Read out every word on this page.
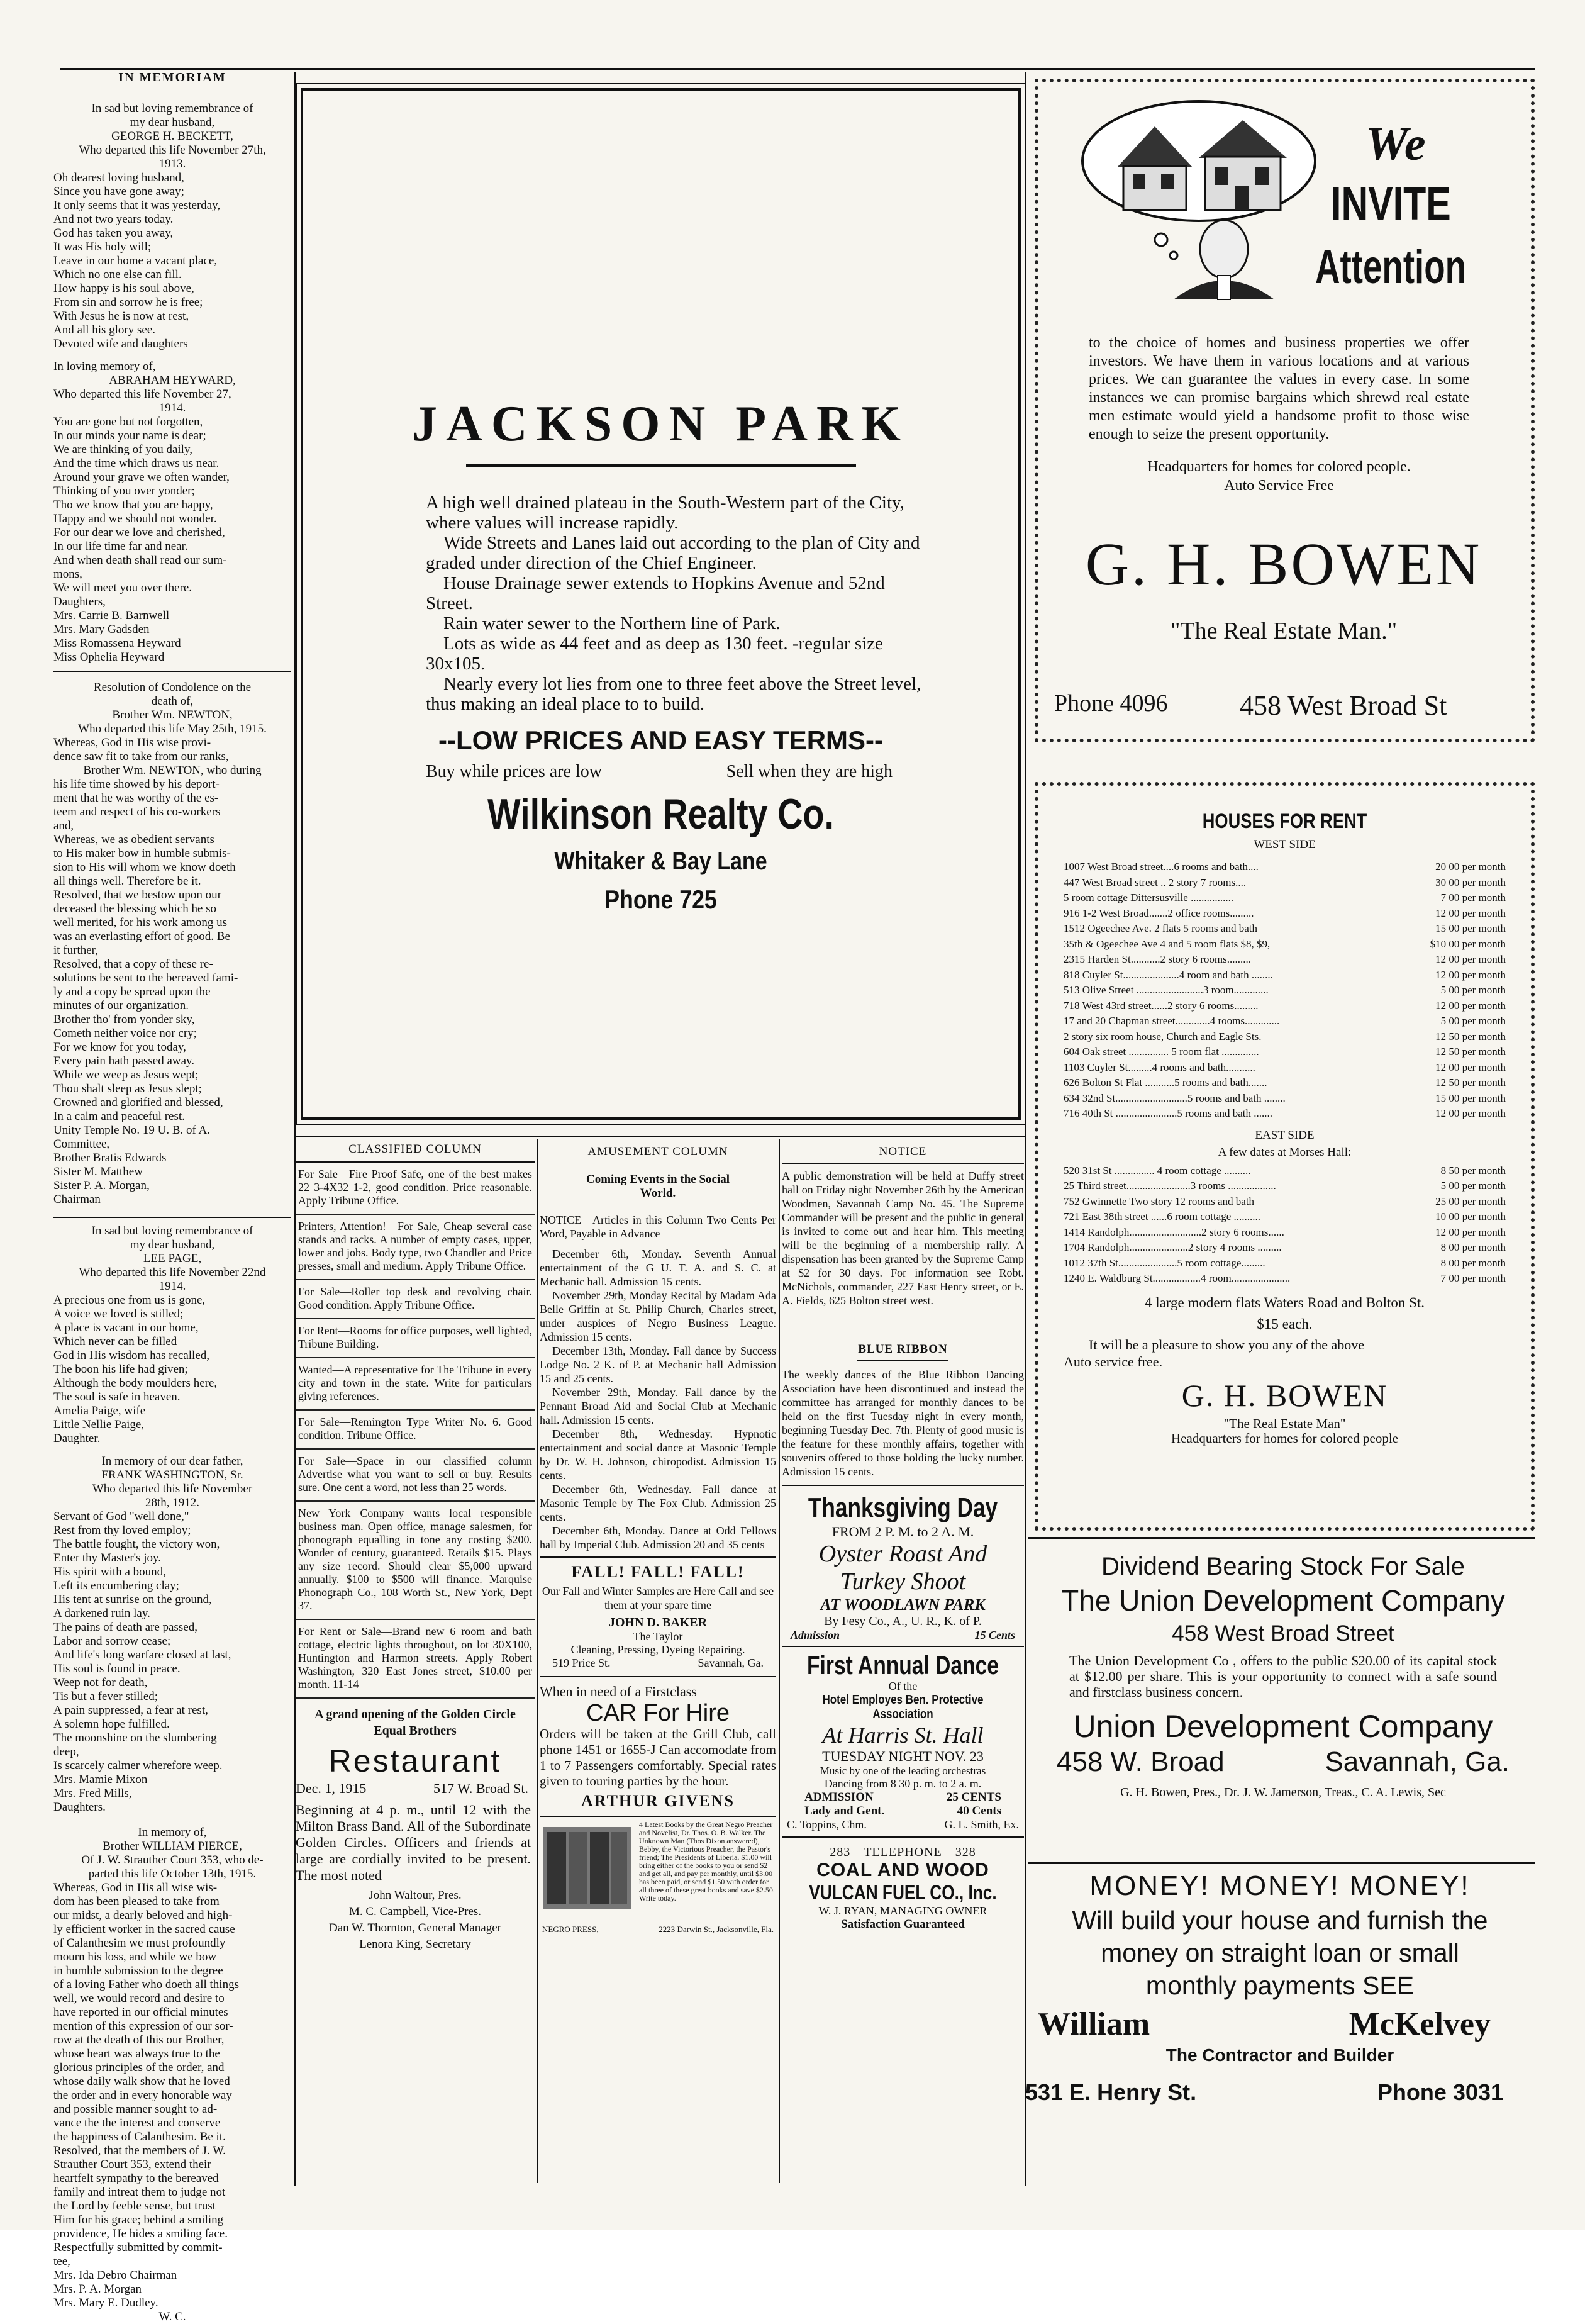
IN MEMORIAM

In sad but loving remembrance of

my dear husband,

GEORGE H. BECKETT,

Who departed this life November 27th,

1913.

Oh dearest loving husband,

Since you have gone away;

It only seems that it was yesterday,

And not two years today.

God has taken you away,

It was His holy will;

Leave in our home a vacant place,

Which no one else can fill.

How happy is his soul above,

From sin and sorrow he is free;

With Jesus he is now at rest,

And all his glory see.

Devoted wife and daughters

In loving memory of,

ABRAHAM HEYWARD,

Who departed this life November 27,

1914.

You are gone but not forgotten,

In our minds your name is dear;

We are thinking of you daily,

And the time which draws us near.

Around your grave we often wander,

Thinking of you over yonder;

Tho we know that you are happy,

Happy and we should not wonder.

For our dear we love and cherished,

In our life time far and near.

And when death shall read our sum-

mons,

We will meet you over there.

Daughters,

Mrs. Carrie B. Barnwell

Mrs. Mary Gadsden

Miss Romassena Heyward

Miss Ophelia Heyward

Resolution of Condolence on the

death of,

Brother Wm. NEWTON,

Who departed this life May 25th, 1915.

Whereas, God in His wise provi-

dence saw fit to take from our ranks,

Brother Wm. NEWTON, who during

his life time showed by his deport-

ment that he was worthy of the es-

teem and respect of his co-workers

and,

Whereas, we as obedient servants

to His maker bow in humble submis-

sion to His will whom we know doeth

all things well. Therefore be it.

Resolved, that we bestow upon our

deceased the blessing which he so

well merited, for his work among us

was an everlasting effort of good. Be

it further,

Resolved, that a copy of these re-

solutions be sent to the bereaved fami-

ly and a copy be spread upon the

minutes of our organization.

Brother tho' from yonder sky,

Cometh neither voice nor cry;

For we know for you today,

Every pain hath passed away.

While we weep as Jesus wept;

Thou shalt sleep as Jesus slept;

Crowned and glorified and blessed,

In a calm and peaceful rest.

Unity Temple No. 19 U. B. of A.

Committee,

Brother Bratis Edwards

Sister M. Matthew

Sister P. A. Morgan,

Chairman

In sad but loving remembrance of

my dear husband,

LEE PAGE,

Who departed this life November 22nd

1914.

A precious one from us is gone,

A voice we loved is stilled;

A place is vacant in our home,

Which never can be filled

God in His wisdom has recalled,

The boon his life had given;

Although the body moulders here,

The soul is safe in heaven.

Amelia Paige, wife

Little Nellie Paige,

Daughter.

In memory of our dear father,

FRANK WASHINGTON, Sr.

Who departed this life November

28th, 1912.

Servant of God "well done,"

Rest from thy loved employ;

The battle fought, the victory won,

Enter thy Master's joy.

His spirit with a bound,

Left its encumbering clay;

His tent at sunrise on the ground,

A darkened ruin lay.

The pains of death are passed,

Labor and sorrow cease;

And life's long warfare closed at last,

His soul is found in peace.

Weep not for death,

Tis but a fever stilled;

A pain suppressed, a fear at rest,

A solemn hope fulfilled.

The moonshine on the slumbering

deep,

Is scarcely calmer wherefore weep.

Mrs. Mamie Mixon

Mrs. Fred Mills,

Daughters.

In memory of,

Brother WILLIAM PIERCE,

Of J. W. Strauther Court 353, who de-

parted this life October 13th, 1915.

Whereas, God in His all wise wis-

dom has been pleased to take from

our midst, a dearly beloved and high-

ly efficient worker in the sacred cause

of Calanthesim we must profoundly

mourn his loss, and while we bow

in humble submission to the degree

of a loving Father who doeth all things

well, we would record and desire to

have reported in our official minutes

mention of this expression of our sor-

row at the death of this our Brother,

whose heart was always true to the

glorious principles of the order, and

whose daily walk show that he loved

the order and in every honorable way

and possible manner sought to ad-

vance the the interest and conserve

the happiness of Calanthesim. Be it.

Resolved, that the members of J. W.

Strauther Court 353, extend their

heartfelt sympathy to the bereaved

family and intreat them to judge not

the Lord by feeble sense, but trust

Him for his grace; behind a smiling

providence, He hides a smiling face.

Respectfully submitted by commit-

tee,

Mrs. Ida Debro Chairman

Mrs. P. A. Morgan

Mrs. Mary E. Dudley.

W. C.

JACKSON PARK

A high well drained plateau in the South-Western part of the City, where values will increase rapidly.

Wide Streets and Lanes laid out according to the plan of City and graded under direction of the Chief Engineer.

House Drainage sewer extends to Hopkins Avenue and 52nd Street.

Rain water sewer to the Northern line of Park.

Lots as wide as 44 feet and as deep as 130 feet. -regular size 30x105.

Nearly every lot lies from one to three feet above the Street level, thus making an ideal place to to build.

--LOW PRICES AND EASY TERMS--
Buy while prices are low	Sell when they are high
Wilkinson Realty Co.
Whitaker & Bay Lane
Phone 725
We
INVITE
Attention
to the choice of homes and business properties we offer investors. We have them in various locations and at various prices. We can guarantee the values in every case. In some instances we can promise bargains which shrewd real estate men estimate would yield a handsome profit to those wise enough to seize the present opportunity.
Headquarters for homes for colored people.
Auto Service Free
G. H. BOWEN
"The Real Estate Man."
Phone 4096	458 West Broad St

HOUSES FOR RENT

WEST SIDE

1007 West Broad street....6 rooms and bath....	20 00 per month
447 West Broad street .. 2 story 7 rooms....	30 00 per month
5 room cottage Dittersusville ................	7 00 per month
916 1-2 West Broad.......2 office rooms.........	12 00 per month
1512 Ogeechee Ave. 2 flats 5 rooms and bath	15 00 per month
35th & Ogeechee Ave 4 and 5 room flats $8, $9,	$10 00 per month
2315 Harden St...........2 story 6 rooms.........	12 00 per month
818 Cuyler St.....................4 room and bath ........	12 00 per month
513 Olive Street .........................3 room.............	5 00 per month
718 West 43rd street......2 story 6 rooms.........	12 00 per month
17 and 20 Chapman street.............4 rooms.............	5 00 per month
2 story six room house, Church and Eagle Sts.	12 50 per month
604 Oak street ............... 5 room flat ..............	12 50 per month
1103 Cuyler St.........4 rooms and bath...........	12 00 per month
626 Bolton St Flat ...........5 rooms and bath.......	12 50 per month
634 32nd St...........................5 rooms and bath ........	15 00 per month
716 40th St .......................5 rooms and bath .......	12 00 per month

EAST SIDE

A few dates at Morses Hall:

520 31st St ............... 4 room cottage ..........	8 50 per month
25 Third street........................3 rooms ..................	5 00 per month
752 Gwinnette Two story 12 rooms and bath	25 00 per month
721 East 38th street ......6 room cottage ..........	10 00 per month
1414 Randolph...........................2 story 6 rooms......	12 00 per month
1704 Randolph......................2 story 4 rooms .........	8 00 per month
1012 37th St......................5 room cottage.........	8 00 per month
1240 E. Waldburg St..................4 room......................	7 00 per month

4 large modern flats Waters Road and Bolton St.

$15 each.

It will be a pleasure to show you any of the above

Auto service free.

G. H. BOWEN

"The Real Estate Man"

Headquarters for homes for colored people

Dividend Bearing Stock For Sale

The Union Development Company

458 West Broad Street

The Union Development Co , offers to the public $20.00 of its capital stock at $12.00 per share. This is your opportunity to connect with a safe sound and firstclass business concern.

Union Development Company

458 W. Broad	Savannah, Ga.

G. H. Bowen, Pres., Dr. J. W. Jamerson, Treas., C. A. Lewis, Sec

MONEY! MONEY! MONEY!

Will build your house and furnish the

money on straight loan or small

monthly payments SEE

William	McKelvey

The Contractor and Builder

531 E. Henry St.	Phone 3031

CLASSIFIED COLUMN

For Sale—Fire Proof Safe, one of the best makes 22 3-4X32 1-2, good condition. Price reasonable. Apply Tribune Office.

Printers, Attention!—For Sale, Cheap several case stands and racks. A number of empty cases, upper, lower and jobs. Body type, two Chandler and Price presses, small and medium. Apply Tribune Office.

For Sale—Roller top desk and revolving chair. Good condition. Apply Tribune Office.

For Rent—Rooms for office purposes, well lighted, Tribune Building.

Wanted—A representative for The Tribune in every city and town in the state. Write for particulars giving references.

For Sale—Remington Type Writer No. 6. Good condition. Tribune Office.

For Sale—Space in our classified column Advertise what you want to sell or buy. Results sure. One cent a word, not less than 25 words.

New York Company wants local responsible business man. Open office, manage salesmen, for phonograph equalling in tone any costing $200. Wonder of century, guaranteed. Retails $15. Plays any size record. Should clear $5,000 upward annually. $100 to $500 will finance. Marquise Phonograph Co., 108 Worth St., New York, Dept 37.

For Rent or Sale—Brand new 6 room and bath cottage, electric lights throughout, on lot 30X100, Huntington and Harmon streets. Apply Robert Washington, 320 East Jones street, $10.00 per month. 11-14

A grand opening of the Golden Circle Equal Brothers

Restaurant

Dec. 1, 1915	517 W. Broad St.

Beginning at 4 p. m., until 12 with the Milton Brass Band. All of the Subordinate Golden Circles. Officers and friends at large are cordially invited to be present. The most noted

John Waltour, Pres.

M. C. Campbell, Vice-Pres.

Dan W. Thornton, General Manager

Lenora King, Secretary

AMUSEMENT COLUMN

Coming Events in the Social World.

NOTICE—Articles in this Column Two Cents Per Word, Payable in Advance

December 6th, Monday. Seventh Annual entertainment of the G U. T. A. and S. C. at Mechanic hall. Admission 15 cents.

November 29th, Monday Recital by Madam Ada Belle Griffin at St. Philip Church, Charles street, under auspices of Negro Business League. Admission 15 cents.

December 13th, Monday. Fall dance by Success Lodge No. 2 K. of P. at Mechanic hall Admission 15 and 25 cents.

November 29th, Monday. Fall dance by the Pennant Broad Aid and Social Club at Mechanic hall. Admission 15 cents.

December 8th, Wednesday. Hypnotic entertainment and social dance at Masonic Temple by Dr. W. H. Johnson, chiropodist. Admission 15 cents.

December 6th, Wednesday. Fall dance at Masonic Temple by The Fox Club. Admission 25 cents.

December 6th, Monday. Dance at Odd Fellows hall by Imperial Club. Admission 20 and 35 cents

FALL! FALL! FALL!

Our Fall and Winter Samples are Here Call and see them at your spare time

JOHN D. BAKER

The Taylor

Cleaning, Pressing, Dyeing Repairing.

519 Price St.	Savannah, Ga.

When in need of a Firstclass

CAR For Hire

Orders will be taken at the Grill Club, call phone 1451 or 1655-J Can accomodate from 1 to 7 Passengers comfortably. Special rates given to touring parties by the hour.

ARTHUR GIVENS

4 Latest Books by the Great Negro Preacher and Novelist, Dr. Thos. O. B. Walker. The Unknown Man (Thos Dixon answered), Bebby, the Victorious Preacher, the Pastor's friend; The Presidents of Liberia. $1.00 will bring either of the books to you or send $2 and get all, and pay per monthly, until $3.00 has been paid, or send $1.50 with order for all three of these great books and save $2.50. Write today.

NEGRO PRESS,	2223 Darwin St., Jacksonville, Fla.

NOTICE

A public demonstration will be held at Duffy street hall on Friday night November 26th by the American Woodmen, Savannah Camp No. 45. The Supreme Commander will be present and the public in general is invited to come out and hear him. This meeting will be the beginning of a membership rally. A dispensation has been granted by the Supreme Camp at $2 for 30 days. For information see Robt. McNichols, commander, 227 East Henry street, or E. A. Fields, 625 Bolton street west.

BLUE RIBBON

The weekly dances of the Blue Ribbon Dancing Association have been discontinued and instead the committee has arranged for monthly dances to be held on the first Tuesday night in every month, beginning Tuesday Dec. 7th. Plenty of good music is the feature for these monthly affairs, together with souvenirs offered to those holding the lucky number. Admission 15 cents.

Thanksgiving Day

FROM 2 P. M. to 2 A. M.

Oyster Roast And

Turkey Shoot

AT WOODLAWN PARK

By Fesy Co., A., U. R., K. of P.

Admission	15 Cents

First Annual Dance

Of the

Hotel Employes Ben. Protective Association

At Harris St. Hall

TUESDAY NIGHT NOV. 23

Music by one of the leading orchestras

Dancing from 8 30 p. m. to 2 a. m.

ADMISSION	25 CENTS
Lady and Gent.	40 Cents
C. Toppins, Chm.	G. L. Smith, Ex.

283—TELEPHONE—328

COAL AND WOOD

VULCAN FUEL CO., Inc.

W. J. RYAN, MANAGING OWNER

Satisfaction Guaranteed
